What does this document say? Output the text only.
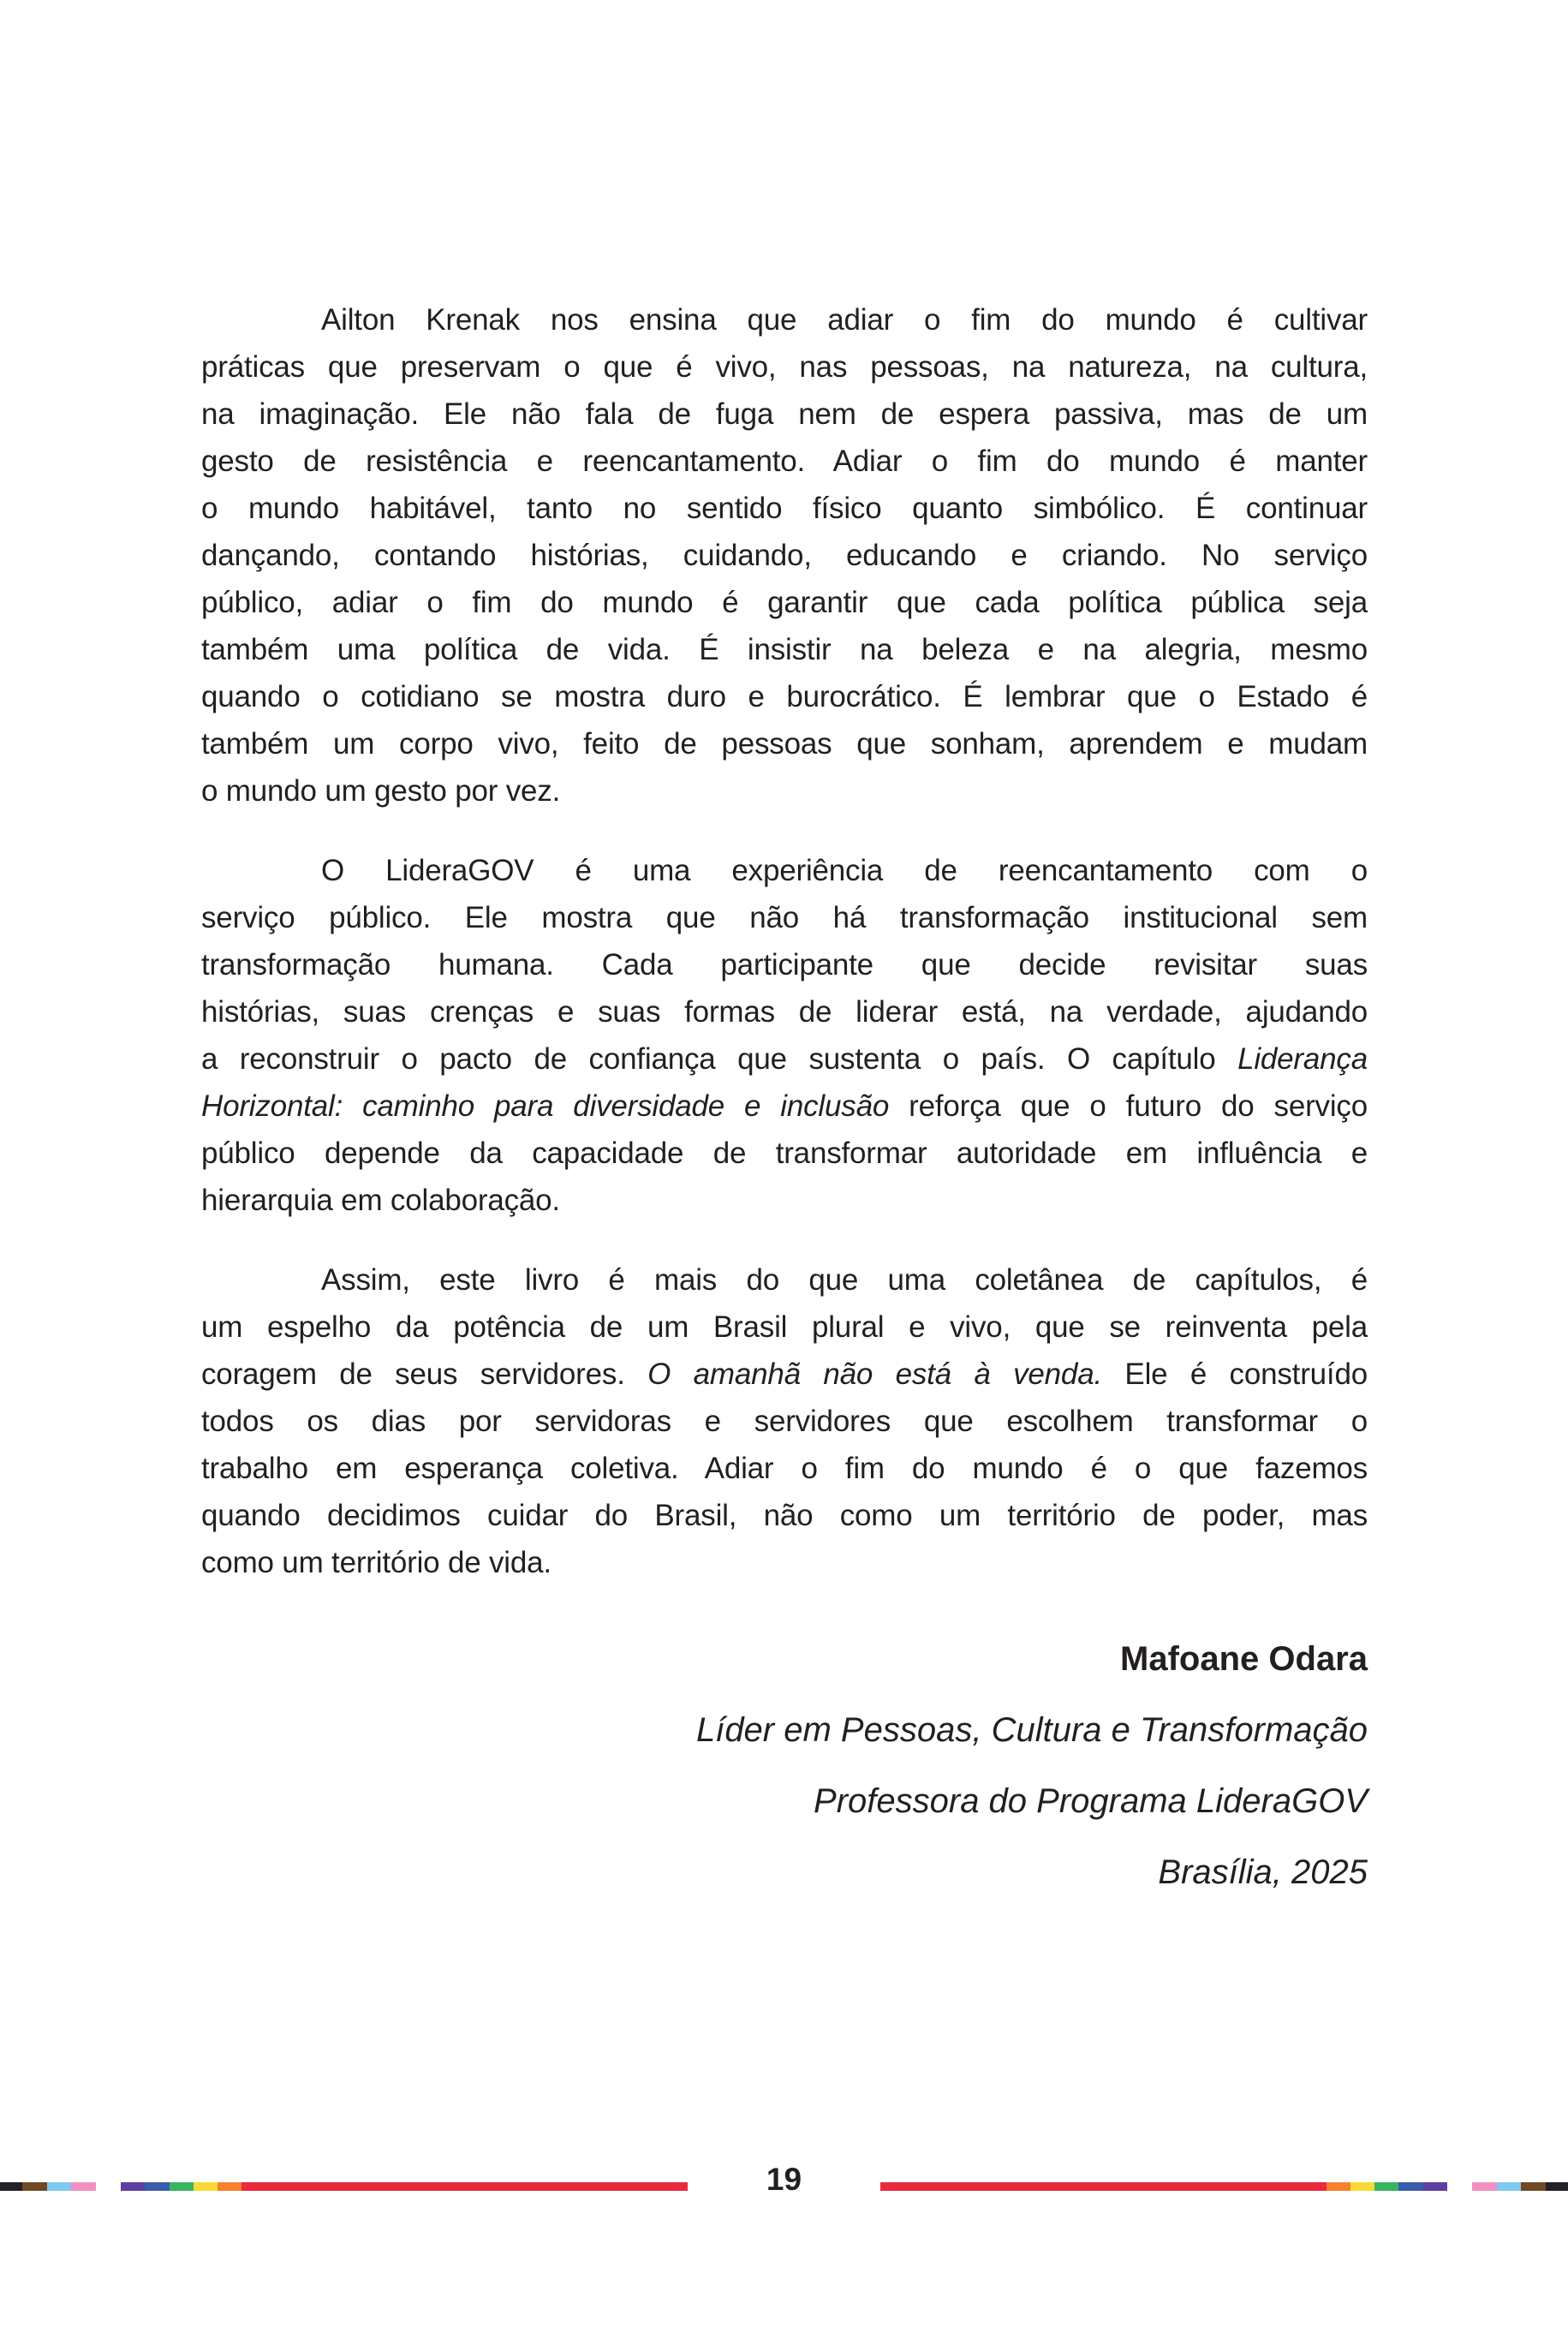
Ailton Krenak nos ensina que adiar o fim do mundo é cultivar
práticas que preservam o que é vivo, nas pessoas, na natureza, na cultura,
na imaginação. Ele não fala de fuga nem de espera passiva, mas de um
gesto de resistência e reencantamento. Adiar o fim do mundo é manter
o mundo habitável, tanto no sentido físico quanto simbólico. É continuar
dançando, contando histórias, cuidando, educando e criando. No serviço
público, adiar o fim do mundo é garantir que cada política pública seja
também uma política de vida. É insistir na beleza e na alegria, mesmo
quando o cotidiano se mostra duro e burocrático. É lembrar que o Estado é
também um corpo vivo, feito de pessoas que sonham, aprendem e mudam
o mundo um gesto por vez.
O LideraGOV é uma experiência de reencantamento com o
serviço público. Ele mostra que não há transformação institucional sem
transformação humana. Cada participante que decide revisitar suas
histórias, suas crenças e suas formas de liderar está, na verdade, ajudando
a reconstruir o pacto de confiança que sustenta o país. O capítulo Liderança
Horizontal: caminho para diversidade e inclusão reforça que o futuro do serviço
público depende da capacidade de transformar autoridade em influência e
hierarquia em colaboração.
Assim, este livro é mais do que uma coletânea de capítulos, é
um espelho da potência de um Brasil plural e vivo, que se reinventa pela
coragem de seus servidores. O amanhã não está à venda. Ele é construído
todos os dias por servidoras e servidores que escolhem transformar o
trabalho em esperança coletiva. Adiar o fim do mundo é o que fazemos
quando decidimos cuidar do Brasil, não como um território de poder, mas
como um território de vida.
Mafoane Odara
Líder em Pessoas, Cultura e Transformação
Professora do Programa LideraGOV
Brasília, 2025
19
